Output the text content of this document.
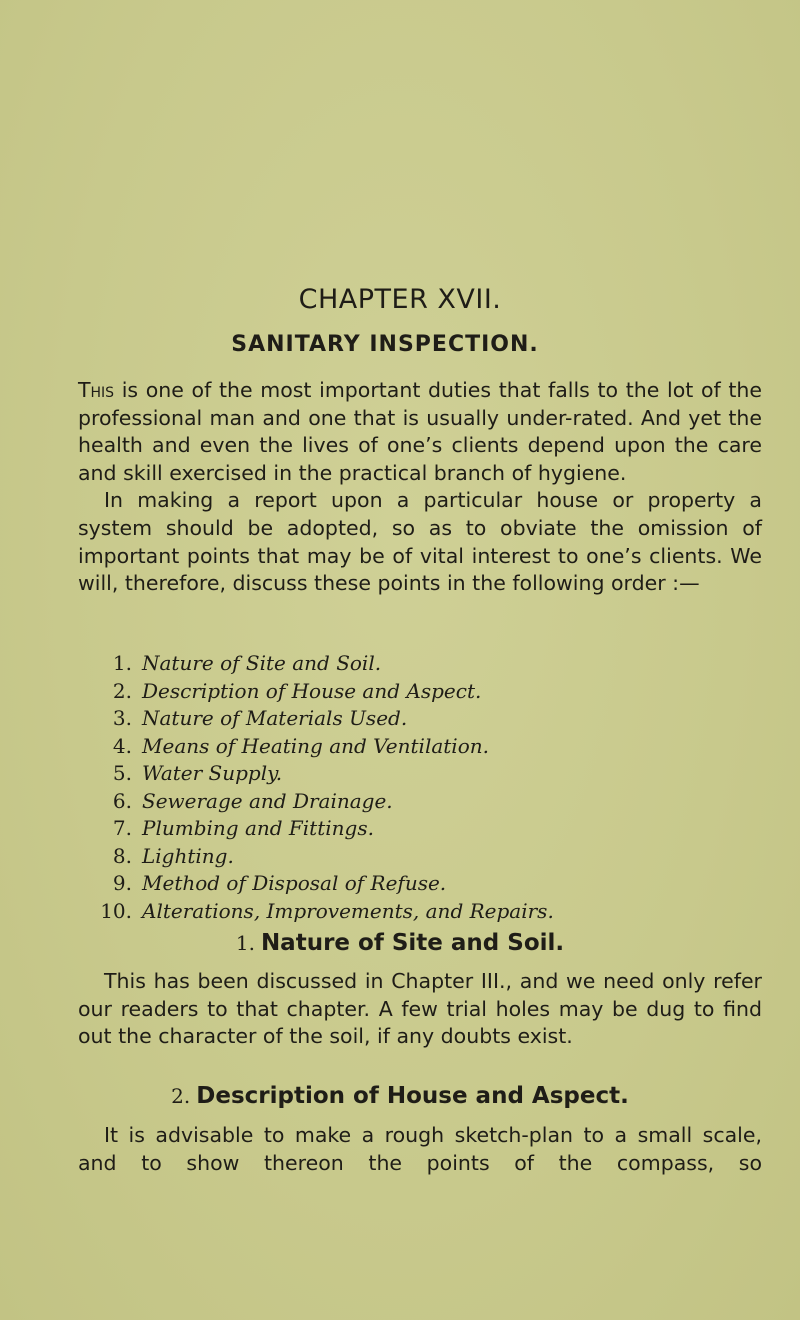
CHAPTER XVII.
SANITARY INSPECTION.

This is one of the most important duties that falls to the lot of the professional man and one that is usually under-rated. And yet the health and even the lives of one’s clients depend upon the care and skill exercised in the practical branch of hygiene.

In making a report upon a particular house or property a system should be adopted, so as to obviate the omission of important points that may be of vital interest to one’s clients. We will, therefore, discuss these points in the following order :—

1. Nature of Site and Soil.
2. Description of House and Aspect.
3. Nature of Materials Used.
4. Means of Heating and Ventilation.
5. Water Supply.
6. Sewerage and Drainage.
7. Plumbing and Fittings.
8. Lighting.
9. Method of Disposal of Refuse.
10. Alterations, Improvements, and Repairs.
1. Nature of Site and Soil.

This has been discussed in Chapter III., and we need only refer our readers to that chapter. A few trial holes may be dug to find out the character of the soil, if any doubts exist.

2. Description of House and Aspect.

It is advisable to make a rough sketch-plan to a small scale, and to show thereon the points of the compass, so
